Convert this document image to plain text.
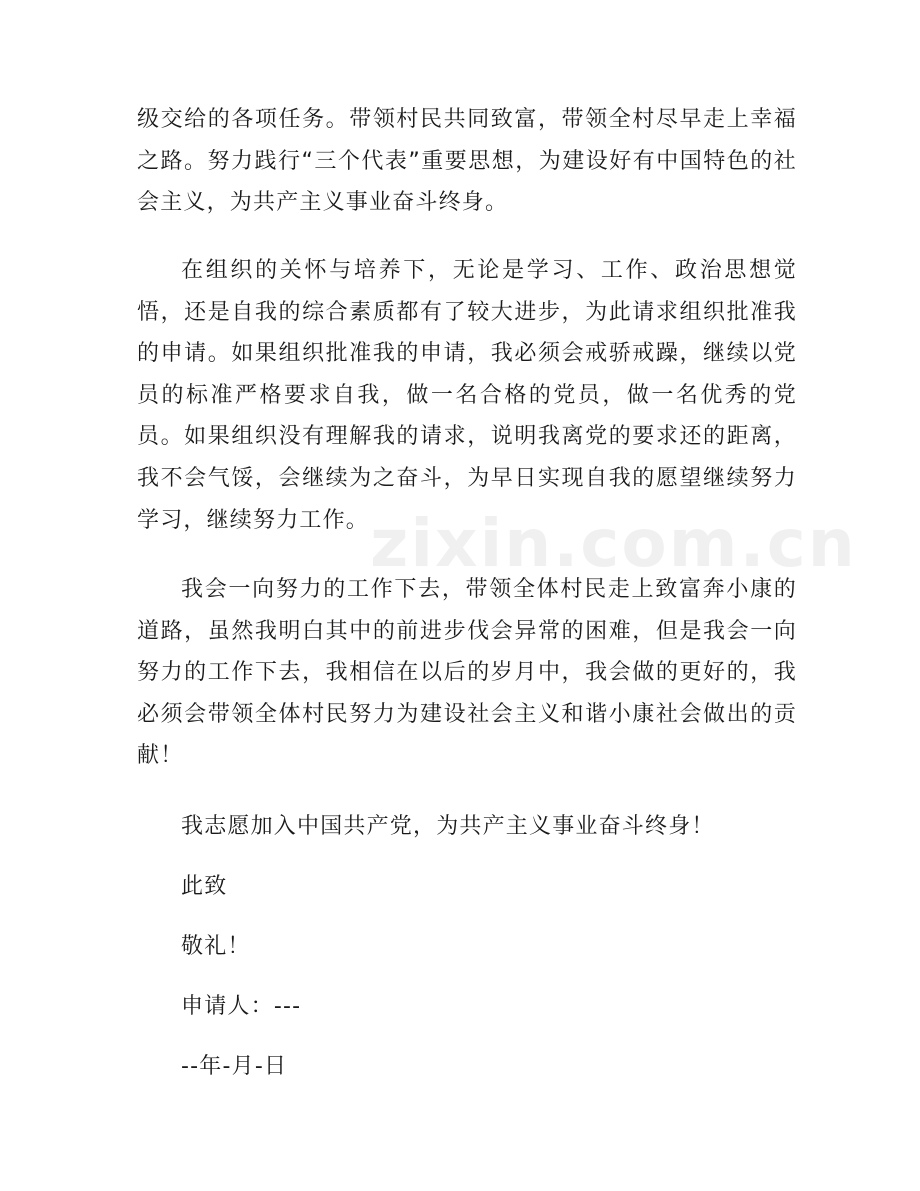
zixin.com.cn

级交给的各项任务。带领村民共同致富，带领全村尽早走上幸福之路。努力践行“三个代表”重要思想，为建设好有中国特色的社会主义，为共产主义事业奋斗终身。

在组织的关怀与培养下，无论是学习、工作、政治思想觉悟，还是自我的综合素质都有了较大进步，为此请求组织批准我的申请。如果组织批准我的申请，我必须会戒骄戒躁，继续以党员的标准严格要求自我，做一名合格的党员，做一名优秀的党员。如果组织没有理解我的请求，说明我离党的要求还的距离，我不会气馁，会继续为之奋斗，为早日实现自我的愿望继续努力学习，继续努力工作。

我会一向努力的工作下去，带领全体村民走上致富奔小康的道路，虽然我明白其中的前进步伐会异常的困难，但是我会一向努力的工作下去，我相信在以后的岁月中，我会做的更好的，我必须会带领全体村民努力为建设社会主义和谐小康社会做出的贡献！

我志愿加入中国共产党，为共产主义事业奋斗终身！
此致
敬礼！
申请人：---
--年-月-日
